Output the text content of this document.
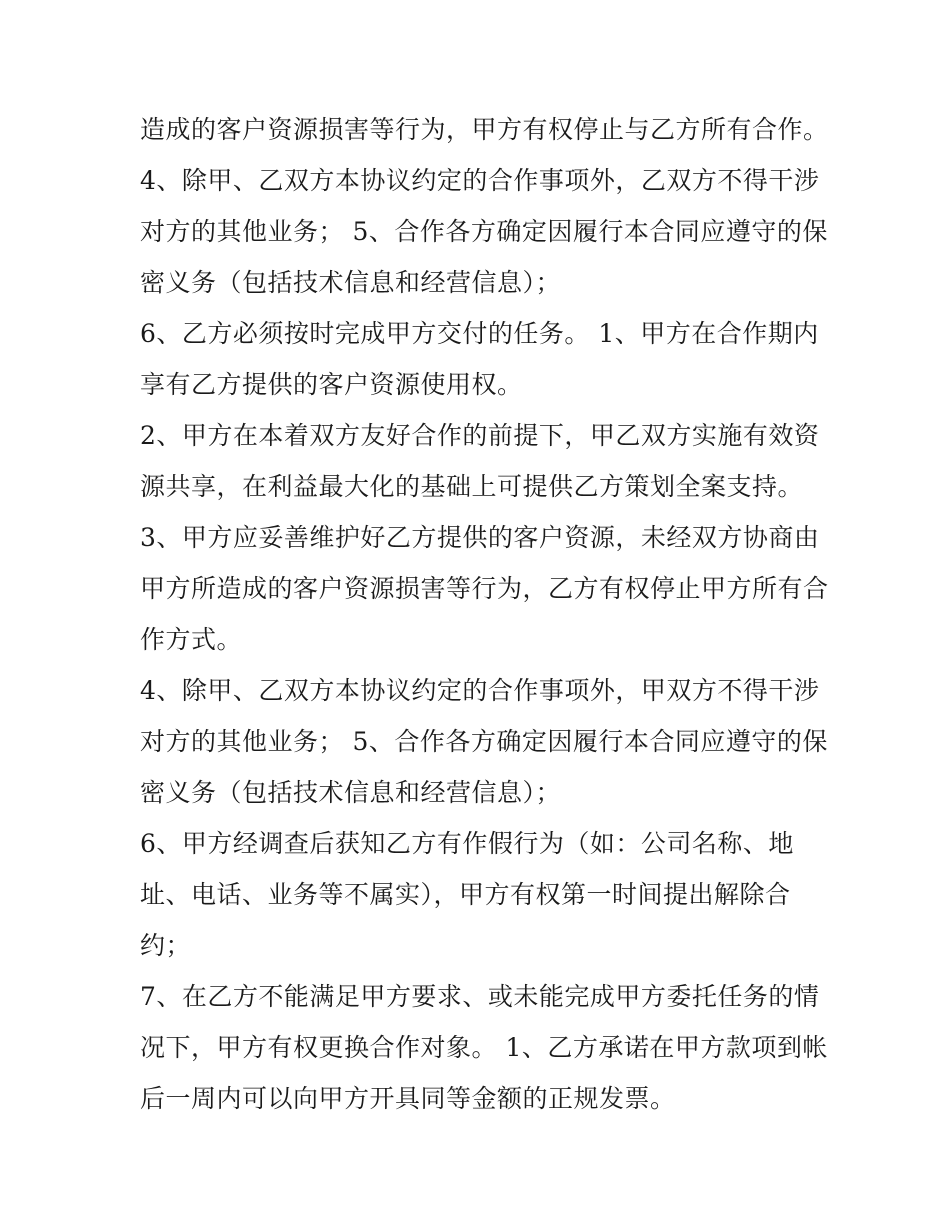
造成的客户资源损害等行为，甲方有权停止与乙方所有合作。
4、除甲、乙双方本协议约定的合作事项外，乙双方不得干涉
对方的其他业务； 5、合作各方确定因履行本合同应遵守的保
密义务（包括技术信息和经营信息）；
6、乙方必须按时完成甲方交付的任务。 1、甲方在合作期内
享有乙方提供的客户资源使用权。
2、甲方在本着双方友好合作的前提下，甲乙双方实施有效资
源共享，在利益最大化的基础上可提供乙方策划全案支持。
3、甲方应妥善维护好乙方提供的客户资源，未经双方协商由
甲方所造成的客户资源损害等行为，乙方有权停止甲方所有合
作方式。
4、除甲、乙双方本协议约定的合作事项外，甲双方不得干涉
对方的其他业务； 5、合作各方确定因履行本合同应遵守的保
密义务（包括技术信息和经营信息）；
6、甲方经调查后获知乙方有作假行为（如：公司名称、地
址、电话、业务等不属实），甲方有权第一时间提出解除合
约；
7、在乙方不能满足甲方要求、或未能完成甲方委托任务的情
况下，甲方有权更换合作对象。 1、乙方承诺在甲方款项到帐
后一周内可以向甲方开具同等金额的正规发票。
